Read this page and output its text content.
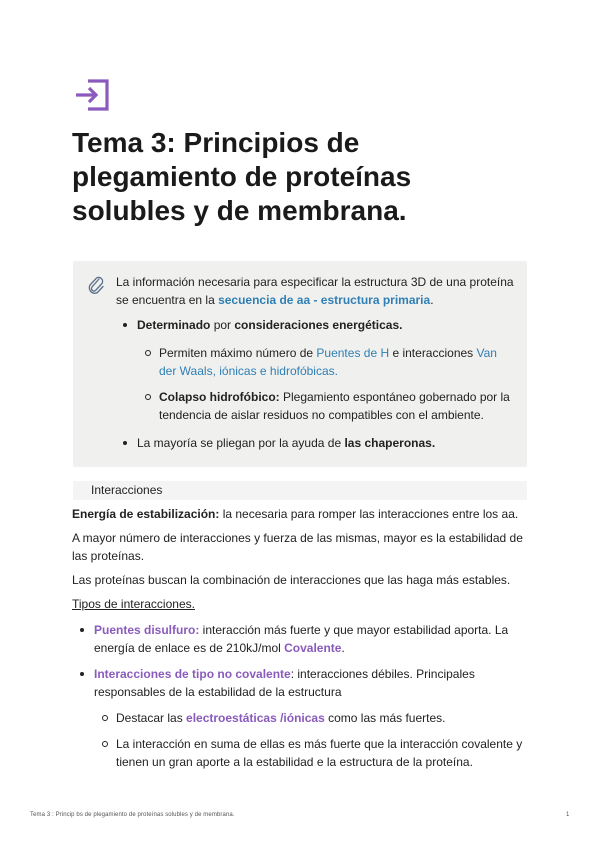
Tema 3: Principios de plegamiento de proteínas solubles y de membrana.

La información necesaria para especificar la estructura 3D de una proteína se encuentra en la secuencia de aa - estructura primaria.

Determinado por consideraciones energéticas.
Permiten máximo número de Puentes de H e interacciones Van der Waals, iónicas e hidrofóbicas.
Colapso hidrofóbico: Plegamiento espontáneo gobernado por la tendencia de aislar residuos no compatibles con el ambiente.
La mayoría se pliegan por la ayuda de las chaperonas.
Interacciones

Energía de estabilización: la necesaria para romper las interacciones entre los aa.

A mayor número de interacciones y fuerza de las mismas, mayor es la estabilidad de las proteínas.

Las proteínas buscan la combinación de interacciones que las haga más estables.

Tipos de interacciones.

Puentes disulfuro: interacción más fuerte y que mayor estabilidad aporta. La energía de enlace es de 210kJ/mol Covalente.
Interacciones de tipo no covalente: interacciones débiles. Principales responsables de la estabilidad de la estructura
Destacar las electroestáticas /iónicas como las más fuertes.
La interacción en suma de ellas es más fuerte que la interacción covalente y tienen un gran aporte a la estabilidad e la estructura de la proteína.
Tema 3 : Princip bs de plegamiento de proteínas solubles y de membrana.	1
